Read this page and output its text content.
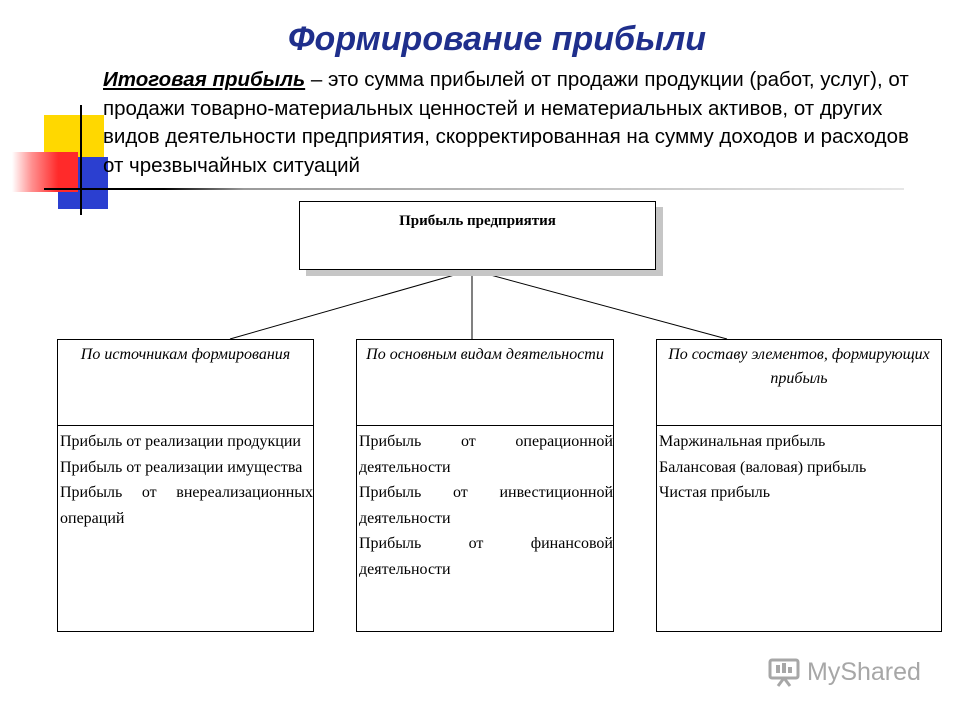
Формирование прибыли
Итоговая прибыль – это сумма прибылей от продажи продукции (работ, услуг), от продажи товарно-материальных ценностей и нематериальных активов, от других видов деятельности предприятия, скорректированная на сумму доходов и расходов от чрезвычайных ситуаций
Прибыль предприятия
По источникам формирования
Прибыль от реализации продукции
Прибыль от реализации имущества
Прибыль от внереализационных операций
По основным видам деятельности
Прибыль от операционной деятельности
Прибыль от инвестиционной деятельности
Прибыль от финансовой деятельности
По составу элементов, формирующих прибыль
Маржинальная прибыль
Балансовая (валовая) прибыль
Чистая прибыль
MyShared
